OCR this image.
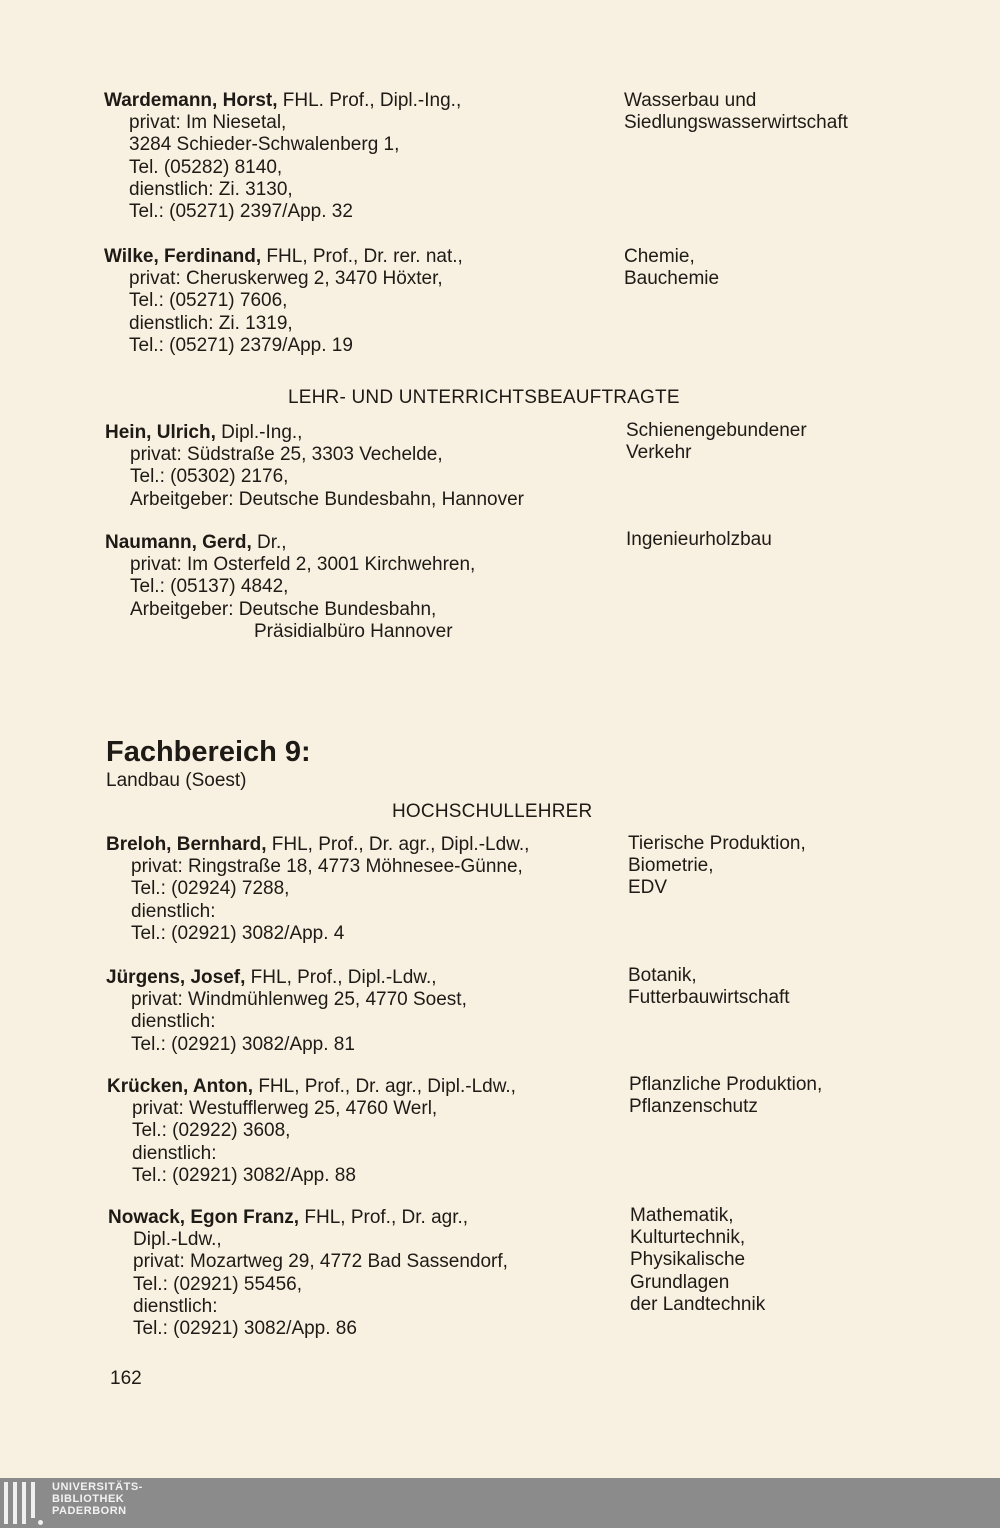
Wardemann, Horst, FHL. Prof., Dipl.-Ing.,
privat: Im Niesetal,
3284 Schieder-Schwalenberg 1,
Tel. (05282) 8140,
dienstlich: Zi. 3130,
Tel.: (05271) 2397/App. 32
Wasserbau und
Siedlungswasserwirtschaft
Wilke, Ferdinand, FHL, Prof., Dr. rer. nat.,
privat: Cheruskerweg 2, 3470 Höxter,
Tel.: (05271) 7606,
dienstlich: Zi. 1319,
Tel.: (05271) 2379/App. 19
Chemie,
Bauchemie
LEHR- UND UNTERRICHTSBEAUFTRAGTE
Hein, Ulrich, Dipl.-Ing.,
privat: Südstraße 25, 3303 Vechelde,
Tel.: (05302) 2176,
Arbeitgeber: Deutsche Bundesbahn, Hannover
Schienengebundener
Verkehr
Naumann, Gerd, Dr.,
privat: Im Osterfeld 2, 3001 Kirchwehren,
Tel.: (05137) 4842,
Arbeitgeber: Deutsche Bundesbahn,
Präsidialbüro Hannover
Ingenieurholzbau
Fachbereich 9:
Landbau (Soest)
HOCHSCHULLEHRER
Breloh, Bernhard, FHL, Prof., Dr. agr., Dipl.-Ldw.,
privat: Ringstraße 18, 4773 Möhnesee-Günne,
Tel.: (02924) 7288,
dienstlich:
Tel.: (02921) 3082/App. 4
Tierische Produktion,
Biometrie,
EDV
Jürgens, Josef, FHL, Prof., Dipl.-Ldw.,
privat: Windmühlenweg 25, 4770 Soest,
dienstlich:
Tel.: (02921) 3082/App. 81
Botanik,
Futterbauwirtschaft
Krücken, Anton, FHL, Prof., Dr. agr., Dipl.-Ldw.,
privat: Westufflerweg 25, 4760 Werl,
Tel.: (02922) 3608,
dienstlich:
Tel.: (02921) 3082/App. 88
Pflanzliche Produktion,
Pflanzenschutz
Nowack, Egon Franz, FHL, Prof., Dr. agr.,
Dipl.-Ldw.,
privat: Mozartweg 29, 4772 Bad Sassendorf,
Tel.: (02921) 55456,
dienstlich:
Tel.: (02921) 3082/App. 86
Mathematik,
Kulturtechnik,
Physikalische
Grundlagen
der Landtechnik
162
UNIVERSITÄTS-
BIBLIOTHEK
PADERBORN
